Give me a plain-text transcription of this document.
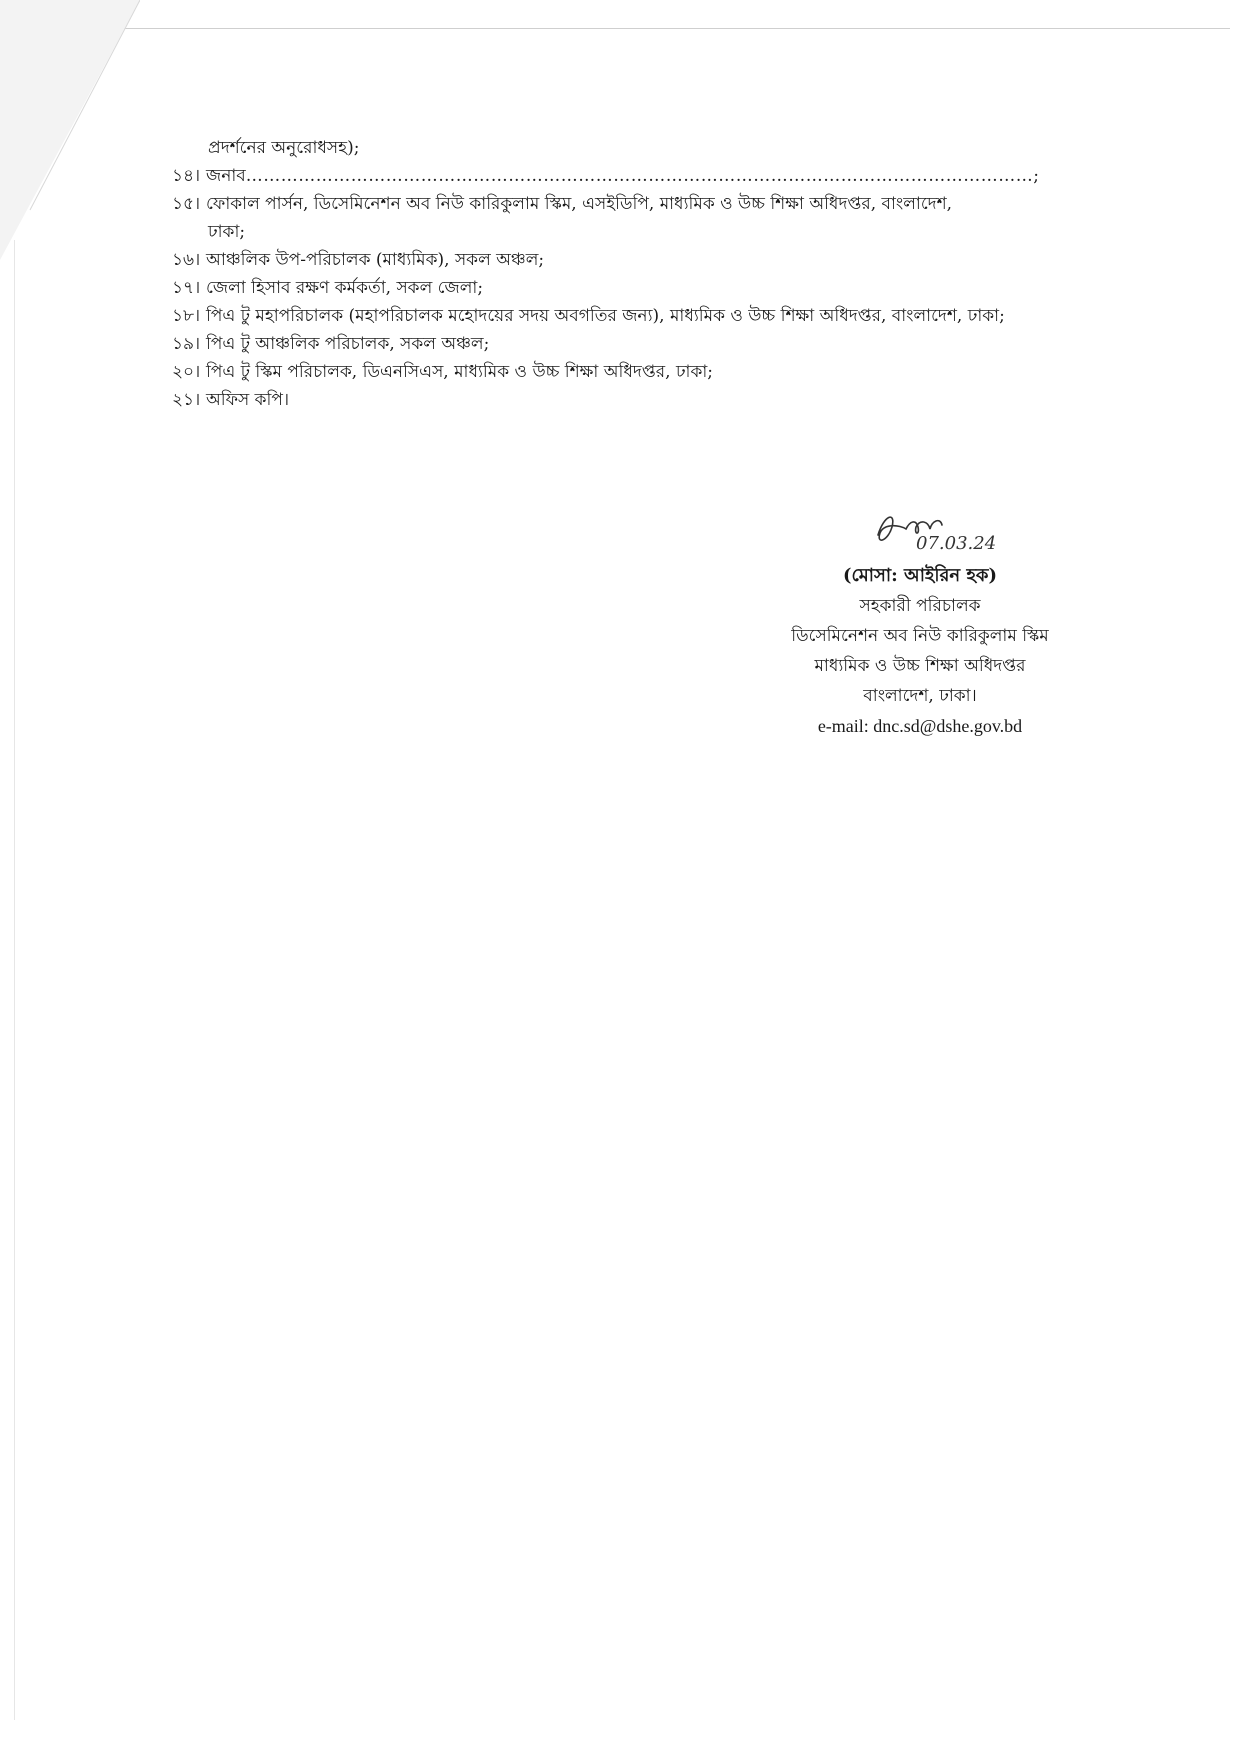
প্রদর্শনের অনুরোধসহ);
১৪। জনাব………………………………………………………………………………………………………………………;
১৫। ফোকাল পার্সন, ডিসেমিনেশন অব নিউ কারিকুলাম স্কিম, এসইডিপি, মাধ্যমিক ও উচ্চ শিক্ষা অধিদপ্তর, বাংলাদেশ,
ঢাকা;
১৬। আঞ্চলিক উপ-পরিচালক (মাধ্যমিক), সকল অঞ্চল;
১৭। জেলা হিসাব রক্ষণ কর্মকর্তা, সকল জেলা;
১৮। পিএ টু মহাপরিচালক (মহাপরিচালক মহোদয়ের সদয় অবগতির জন্য), মাধ্যমিক ও উচ্চ শিক্ষা অধিদপ্তর, বাংলাদেশ, ঢাকা;
১৯। পিএ টু আঞ্চলিক পরিচালক, সকল অঞ্চল;
২০। পিএ টু স্কিম পরিচালক, ডিএনসিএস, মাধ্যমিক ও উচ্চ শিক্ষা অধিদপ্তর, ঢাকা;
২১। অফিস কপি।
07.03.24
(মোসা: আইরিন হক)
সহকারী পরিচালক
ডিসেমিনেশন অব নিউ কারিকুলাম স্কিম
মাধ্যমিক ও উচ্চ শিক্ষা অধিদপ্তর
বাংলাদেশ, ঢাকা।
e-mail: dnc.sd@dshe.gov.bd
